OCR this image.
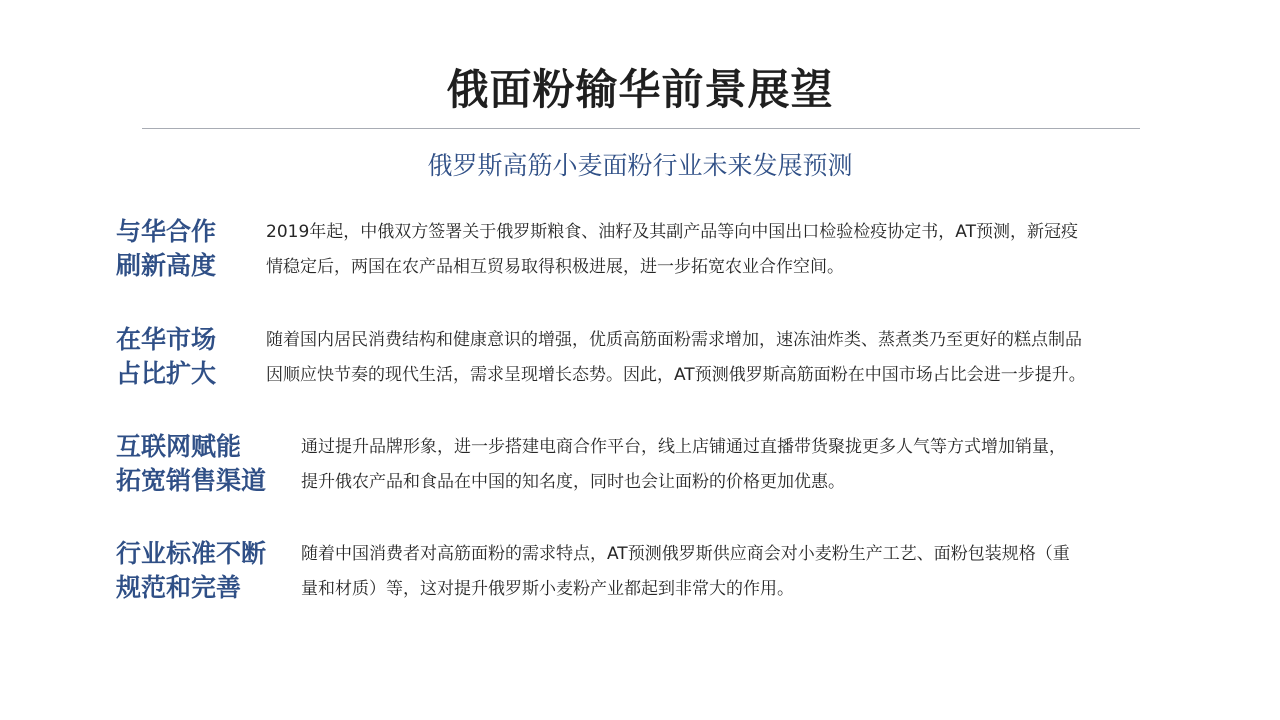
俄面粉输华前景展望
俄罗斯高筋小麦面粉行业未来发展预测
与华合作
刷新高度
2019年起，中俄双方签署关于俄罗斯粮食、油籽及其副产品等向中国出口检验检疫协定书，AT预测，新冠疫
情稳定后，两国在农产品相互贸易取得积极进展，进一步拓宽农业合作空间。
在华市场
占比扩大
随着国内居民消费结构和健康意识的增强，优质高筋面粉需求增加，速冻油炸类、蒸煮类乃至更好的糕点制品
因顺应快节奏的现代生活，需求呈现增长态势。因此，AT预测俄罗斯高筋面粉在中国市场占比会进一步提升。
互联网赋能
拓宽销售渠道
通过提升品牌形象，进一步搭建电商合作平台，线上店铺通过直播带货聚拢更多人气等方式增加销量，
提升俄农产品和食品在中国的知名度，同时也会让面粉的价格更加优惠。
行业标准不断
规范和完善
随着中国消费者对高筋面粉的需求特点，AT预测俄罗斯供应商会对小麦粉生产工艺、面粉包装规格（重
量和材质）等，这对提升俄罗斯小麦粉产业都起到非常大的作用。
